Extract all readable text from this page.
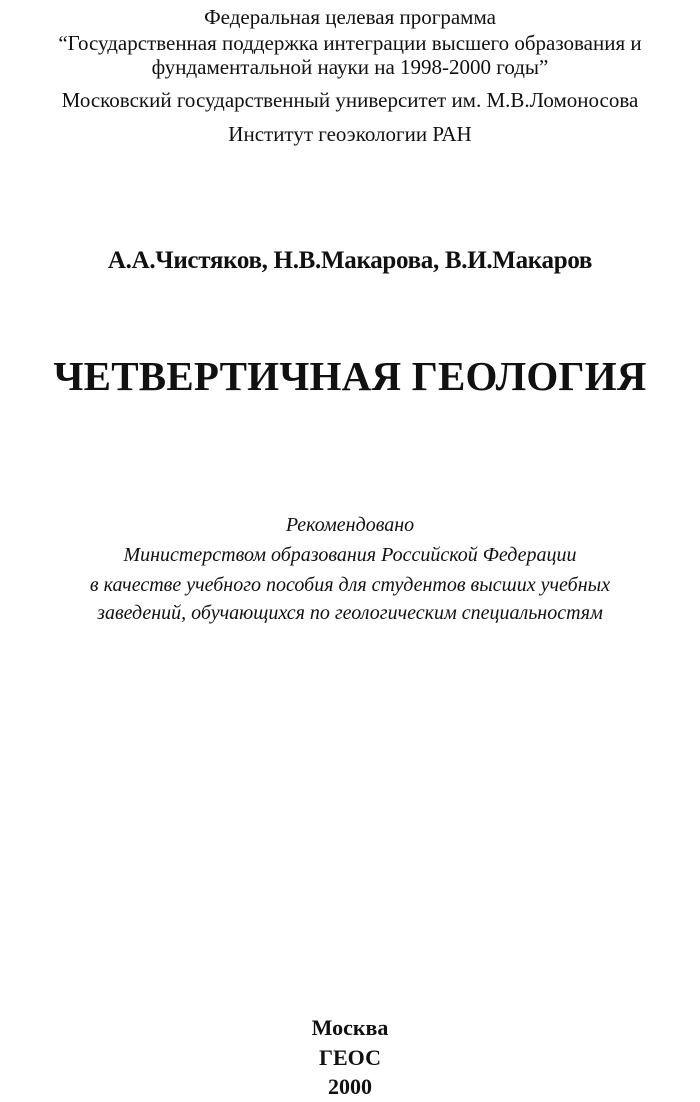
Федеральная целевая программа
“Государственная поддержка интеграции высшего образования и
фундаментальной науки на 1998-2000 годы”
Московский государственный университет им. М.В.Ломоносова
Институт геоэкологии РАН
А.А.Чистяков, Н.В.Макарова, В.И.Макаров
ЧЕТВЕРТИЧНАЯ ГЕОЛОГИЯ
Рекомендовано
Министерством образования Российской Федерации
в качестве учебного пособия для студентов высших учебных
заведений, обучающихся по геологическим специальностям
Москва
ГЕОС
2000
